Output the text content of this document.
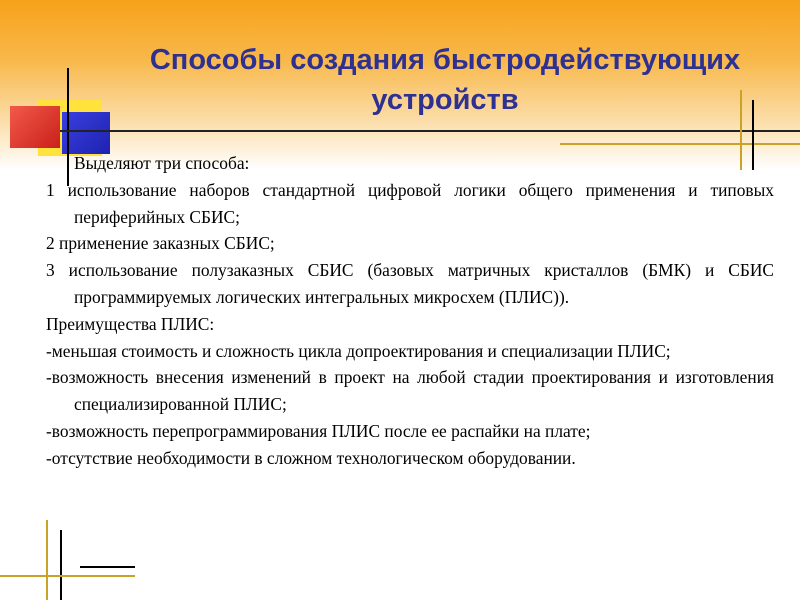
Способы создания быстродействующих
устройств
Выделяют три способа:
1 использование наборов стандартной цифровой логики общего применения и типовых периферийных СБИС;
2 применение заказных СБИС;
3 использование полузаказных СБИС (базовых матричных кристаллов (БМК) и СБИС программируемых логических интегральных микросхем (ПЛИС)).
Преимущества ПЛИС:
-меньшая стоимость и сложность цикла допроектирования и специализации ПЛИС;
-возможность внесения изменений в проект на любой стадии проектирования и изготовления специализированной ПЛИС;
-возможность перепрограммирования ПЛИС после ее распайки на плате;
-отсутствие необходимости в сложном технологическом оборудовании.
